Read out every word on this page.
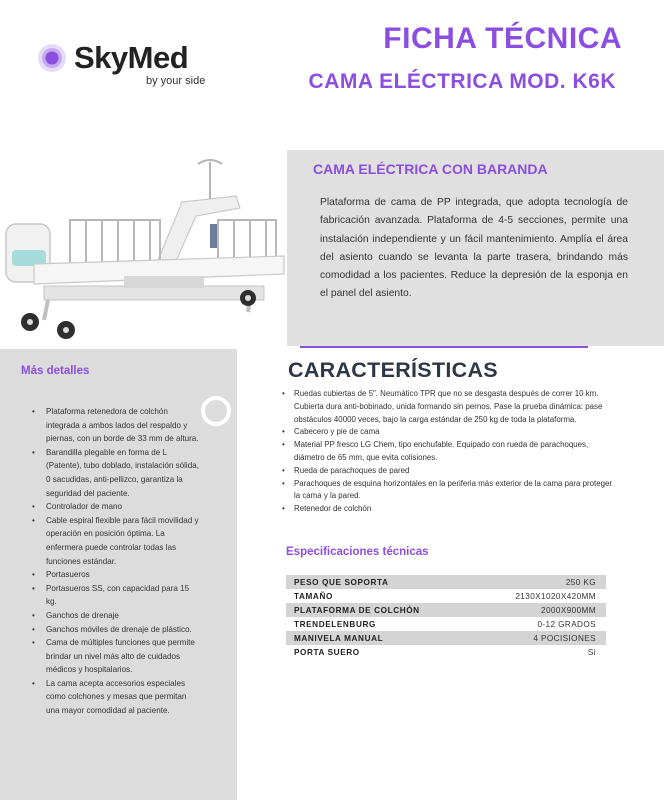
SkyMed
by your side
FICHA TÉCNICA
CAMA ELÉCTRICA MOD. K6K
CAMA ELÉCTRICA CON BARANDA

Plataforma de cama de PP integrada, que adopta tecnología de fabricación avanzada. Plataforma de 4-5 secciones, permite una instalación independiente y un fácil mantenimiento. Amplía el área del asiento cuando se levanta la parte trasera, brindando más comodidad a los pacientes. Reduce la depresión de la esponja en el panel del asiento.

Más detalles
• Plataforma retenedora de colchón integrada a ambos lados del respaldo y piernas, con un borde de 33 mm de altura.
• Barandilla plegable en forma de L (Patente), tubo doblado, instalación sólida, 0 sacudidas, anti-pellizco, garantiza la seguridad del paciente.
• Controlador de mano
• Cable espiral flexible para fácil movilidad y operación en posición óptima. La enfermera puede controlar todas las funciones estándar.
• Portasueros
• Portasueros SS, con capacidad para 15 kg.
• Ganchos de drenaje
• Ganchos móviles de drenaje de plástico.
• Cama de múltiples funciones que permite brindar un nivel más alto de cuidados médicos y hospitalarios.
• La cama acepta accesorios especiales como colchones y mesas que permitan una mayor comodidad al paciente.
CARACTERÍSTICAS
• Ruedas cubiertas de 5". Neumático TPR que no se desgasta después de correr 10 km. Cubierta dura anti-bobinado, unida formando sin pernos. Pase la prueba dinámica: pase obstáculos 40000 veces, bajo la carga estándar de 250 kg de toda la plataforma.
• Cabecero y pie de cama
• Material PP fresco LG Chem, tipo enchufable. Equipado con rueda de parachoques, diámetro de 65 mm, que evita colisiones.
• Rueda de parachoques de pared
• Parachoques de esquina horizontales en la periferia más exterior de la cama para proteger la cama y la pared.
• Retenedor de colchón
Especificaciones técnicas
PESO QUE SOPORTA	250 KG
TAMAÑO	2130X1020X420MM
PLATAFORMA DE COLCHÓN	2000X900MM
TRENDELENBURG	0-12 GRADOS
MANIVELA MANUAL	4 POCISIONES
PORTA SUERO	Si
